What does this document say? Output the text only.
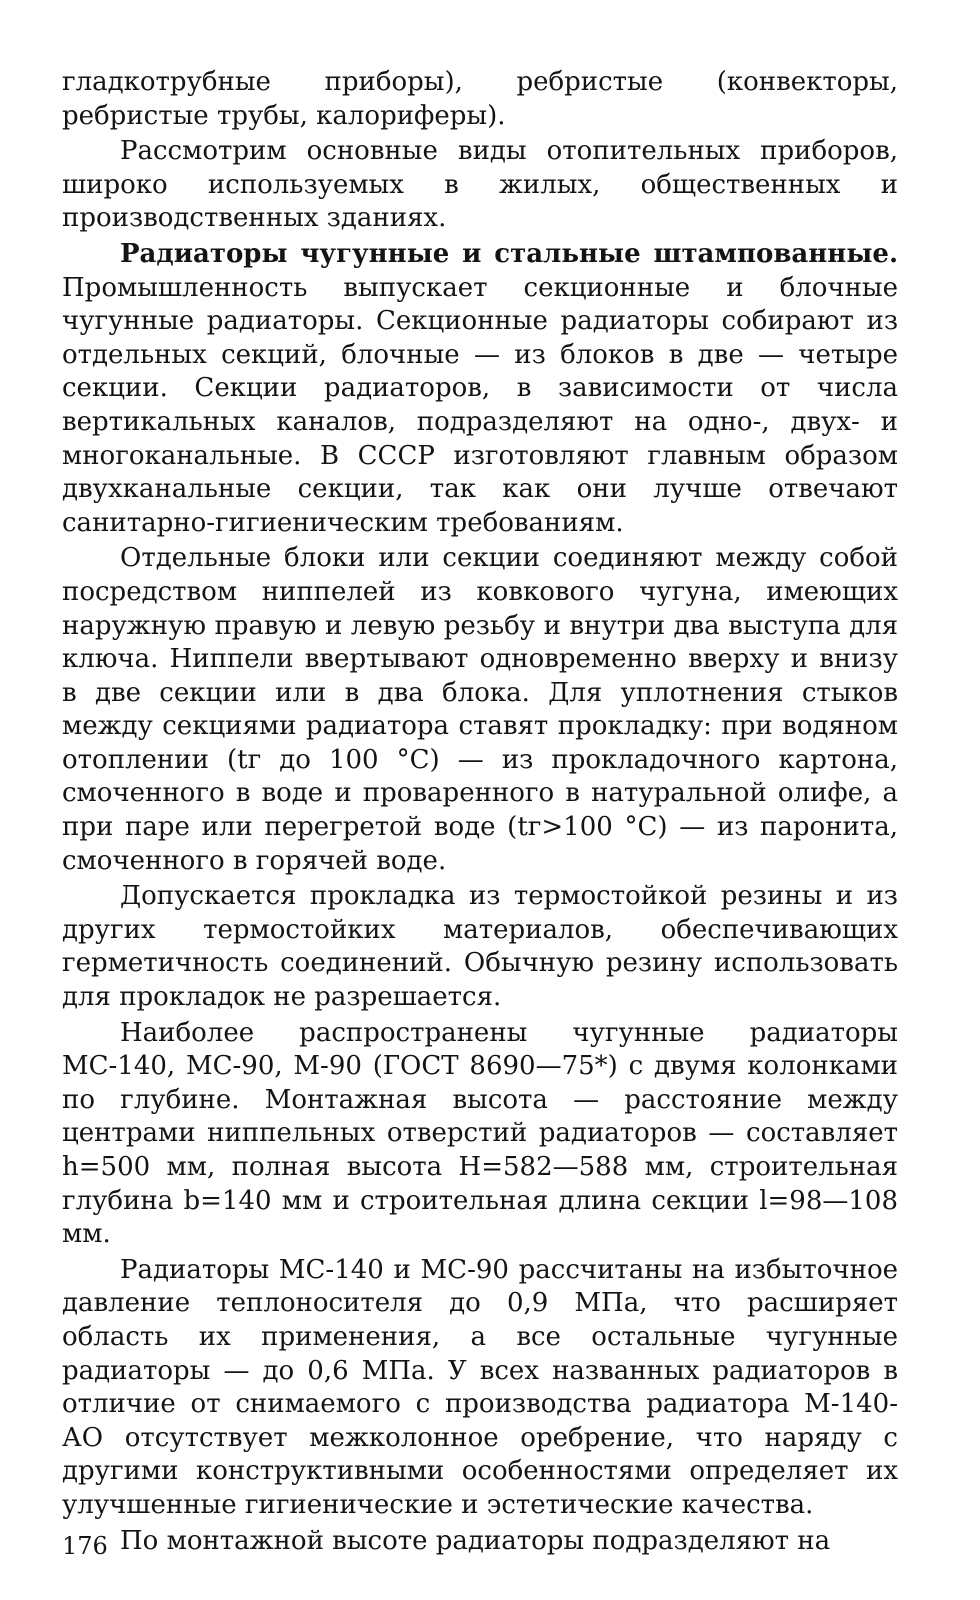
гладкотрубные приборы), ребристые (конвекторы, ребристые трубы, калориферы).

Рассмотрим основные виды отопительных приборов, широко используемых в жилых, общественных и производственных зданиях.

Радиаторы чугунные и стальные штампованные. Промышленность выпускает секционные и блочные чугунные радиаторы. Секционные радиаторы собирают из отдельных секций, блочные — из блоков в две — четыре секции. Секции радиаторов, в зависимости от числа вертикальных каналов, подразделяют на одно-, двух- и многоканальные. В СССР изготовляют главным образом двухканальные секции, так как они лучше отвечают санитарно-гигиеническим требованиям.

Отдельные блоки или секции соединяют между собой посредством ниппелей из ковкового чугуна, имеющих наружную правую и левую резьбу и внутри два выступа для ключа. Ниппели ввертывают одновременно вверху и внизу в две секции или в два блока. Для уплотнения стыков между секциями радиатора ставят прокладку: при водяном отоплении (tг до 100 °С) — из прокладочного картона, смоченного в воде и проваренного в натуральной олифе, а при паре или перегретой воде (tг>100 °С) — из паронита, смоченного в горячей воде.

Допускается прокладка из термостойкой резины и из других термостойких материалов, обеспечивающих герметичность соединений. Обычную резину использовать для прокладок не разрешается.

Наиболее распространены чугунные радиаторы МС-140, МС-90, М-90 (ГОСТ 8690—75*) с двумя колонками по глубине. Монтажная высота — расстояние между центрами ниппельных отверстий радиаторов — составляет h=500 мм, полная высота H=582—588 мм, строительная глубина b=140 мм и строительная длина секции l=98—108 мм.

Радиаторы МС-140 и МС-90 рассчитаны на избыточное давление теплоносителя до 0,9 МПа, что расширяет область их применения, а все остальные чугунные радиаторы — до 0,6 МПа. У всех названных радиаторов в отличие от снимаемого с производства радиатора М-140-АО отсутствует межколонное оребрение, что наряду с другими конструктивными особенностями определяет их улучшенные гигиенические и эстетические качества.

По монтажной высоте радиаторы подразделяют на

176
